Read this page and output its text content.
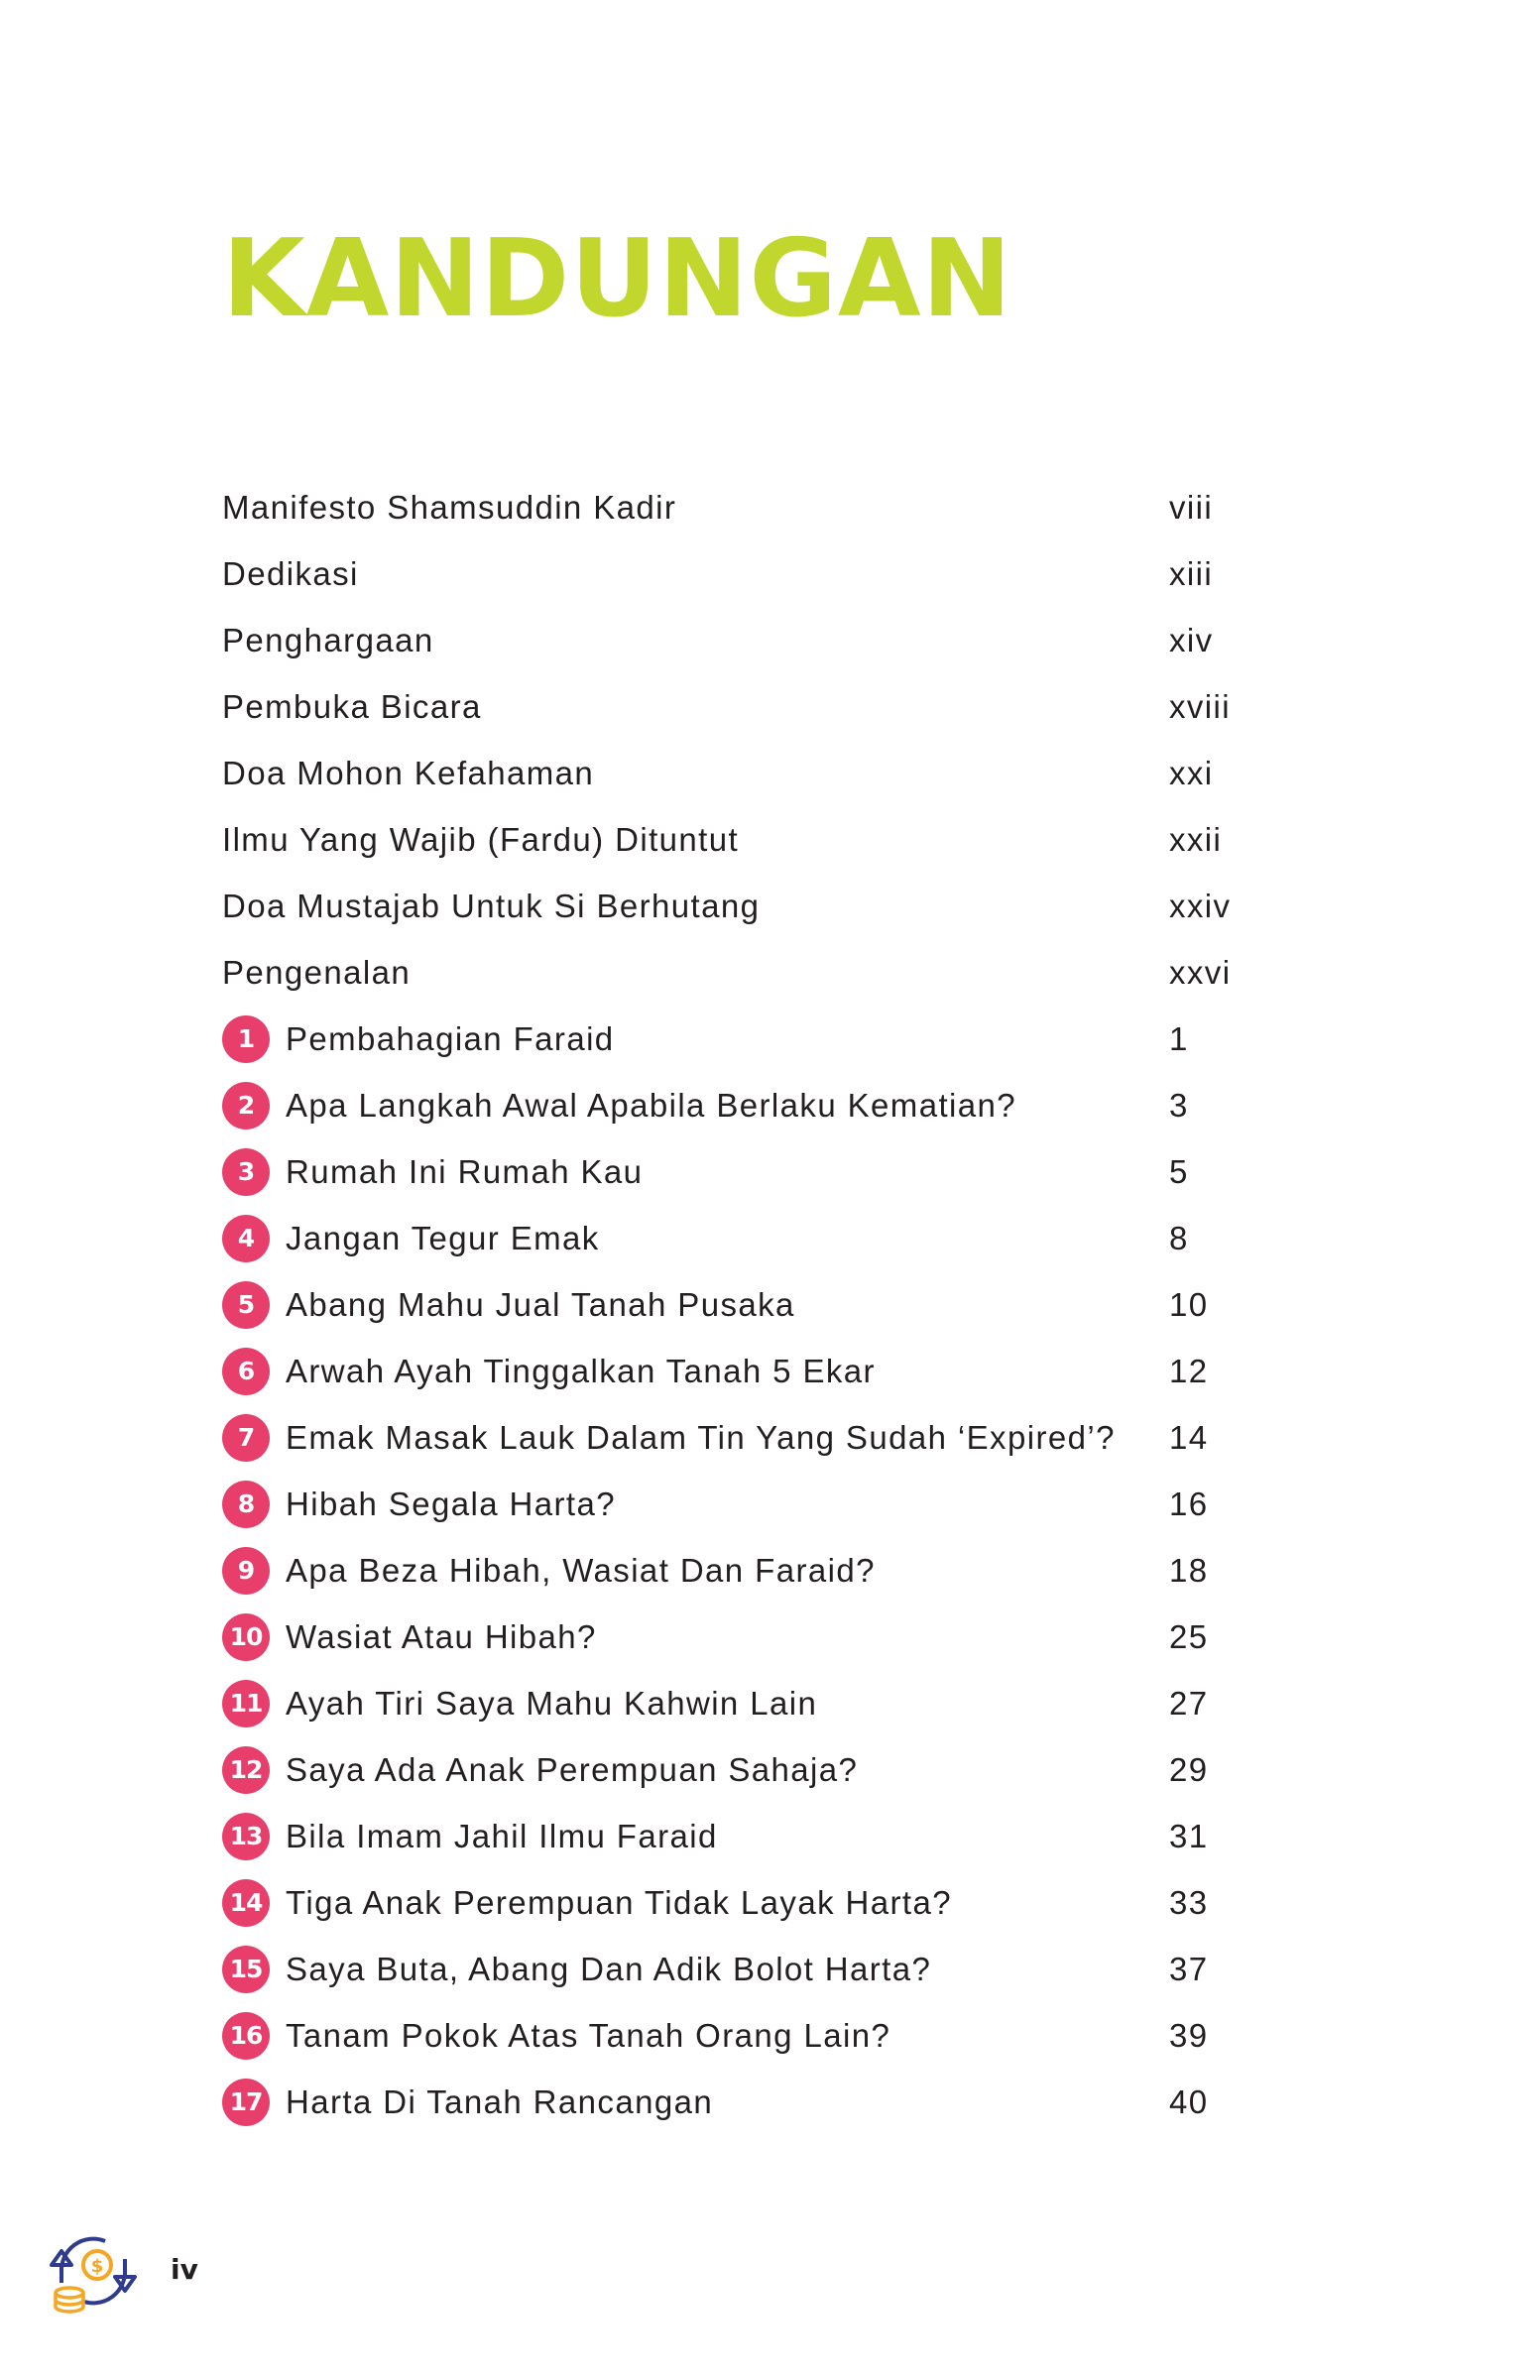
KANDUNGAN
Manifesto Shamsuddin Kadir	viii
Dedikasi	xiii
Penghargaan	xiv
Pembuka Bicara	xviii
Doa Mohon Kefahaman	xxi
Ilmu Yang Wajib (Fardu) Dituntut	xxii
Doa Mustajab Untuk Si Berhutang	xxiv
Pengenalan	xxvi
1 Pembahagian Faraid	1
2 Apa Langkah Awal Apabila Berlaku Kematian?	3
3 Rumah Ini Rumah Kau	5
4 Jangan Tegur Emak	8
5 Abang Mahu Jual Tanah Pusaka	10
6 Arwah Ayah Tinggalkan Tanah 5 Ekar	12
7 Emak Masak Lauk Dalam Tin Yang Sudah ‘Expired’? 14
8 Hibah Segala Harta?	16
9 Apa Beza Hibah, Wasiat Dan Faraid?	18
10 Wasiat Atau Hibah?	25
11 Ayah Tiri Saya Mahu Kahwin Lain	27
12 Saya Ada Anak Perempuan Sahaja?	29
13 Bila Imam Jahil Ilmu Faraid	31
14 Tiga Anak Perempuan Tidak Layak Harta?	33
15 Saya Buta, Abang Dan Adik Bolot Harta?	37
16 Tanam Pokok Atas Tanah Orang Lain?	39
17 Harta Di Tanah Rancangan	40
$ iv
